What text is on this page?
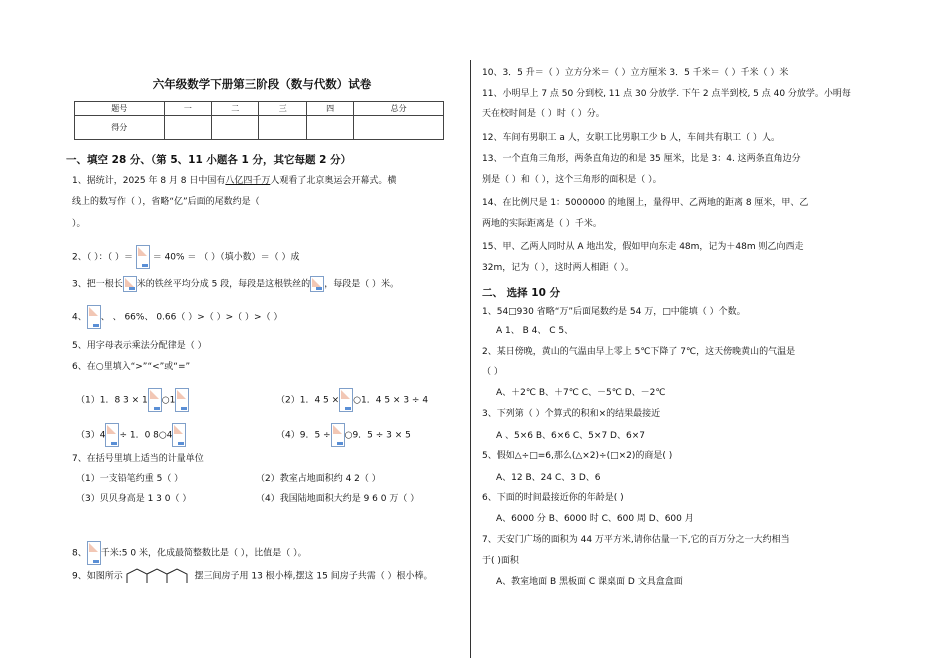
六年级数学下册第三阶段（数与代数）试卷
题号	一	二	三	四	总分
得分					
一、填空 28 分、（第 5、11 小题各 1 分，其它每题 2 分）
1、据统计，2025 年 8 月 8 日中国有八亿四千万人观看了北京奥运会开幕式。横
线上的数写作（ ），省略“亿”后面的尾数约是（
）。
2、（ ）：（ ）＝ ＝ 40% ＝ （ ）（填小数）＝（ ）成
3、把一根长 米的铁丝平均分成 5 段，每段是这根铁丝的 ，每段是（ ）米。
4、 、 、 66%、 0.66（ ）>（ ）>（ ）>（ ）
5、用字母表示乘法分配律是（ ）
6、在○里填入“>”“<”或“=”
（1）1．8 3 × 1 ○1	（2）1．4 5 × ○1．4 5 × 3 ÷ 4
（3）4 ÷ 1．0 8○4	（4）9．5 ÷ ○9．5 ÷ 3 × 5
7、在括号里填上适当的计量单位
（1）一支铅笔约重 5（ ）	（2）教室占地面积约 4 2（ ）
（3）贝贝身高是 1 3 0（ ）	（4）我国陆地面积大约是 9 6 0 万（ ）
8、 千米:5 0 米，化成最简整数比是（ ），比值是（ ）。
9、如图所示	摆三间房子用 13 根小棒,摆这 15 间房子共需（ ）根小棒。
10、3．5 升＝（ ）立方分米＝（ ）立方厘米 3．5 千米＝（ ）千米（ ）米
11、小明早上 7 点 50 分到校, 11 点 30 分放学. 下午 2 点半到校, 5 点 40 分放学。小明每
天在校时间是（ ）时（ ）分。
12、车间有男职工 a 人，女职工比男职工少 b 人，车间共有职工（ ）人。
13、一个直角三角形，两条直角边的和是 35 厘米，比是 3：4. 这两条直角边分
别是（ ）和（ ），这个三角形的面积是（ ）。
14、在比例尺是 1：5000000 的地图上，量得甲、乙两地的距离 8 厘米，甲、乙
两地的实际距离是（ ）千米。
15、甲、乙两人同时从 A 地出发，假如甲向东走 48m，记为＋48m 则乙向西走
32m，记为（ ），这时两人相距（ ）。
二、 选择 10 分
1、54□930 省略“万”后面尾数约是 54 万，□中能填（ ）个数。
A 1、 B 4、 C 5、
2、某日傍晚，黄山的气温由早上零上 5℃下降了 7℃，这天傍晚黄山的气温是
（ ）
A、＋2℃ B、＋7℃ C、－5℃ D、－2℃
3、下列第（ ）个算式的积和×的结果最接近
A 、5×6 B、6×6 C、5×7 D、6×7
5、假如△÷□=6,那么(△×2)÷(□×2)的商是( )
A、12 B、24 C、3 D、6
6、下面的时间最接近你的年龄是( )
A、6000 分 B、6000 时 C、600 周 D、600 月
7、天安门广场的面积为 44 万平方米,请你估量一下,它的百万分之一大约相当
于( )面积
A、教室地面 B 黑板面 C 课桌面 D 文具盒盒面
